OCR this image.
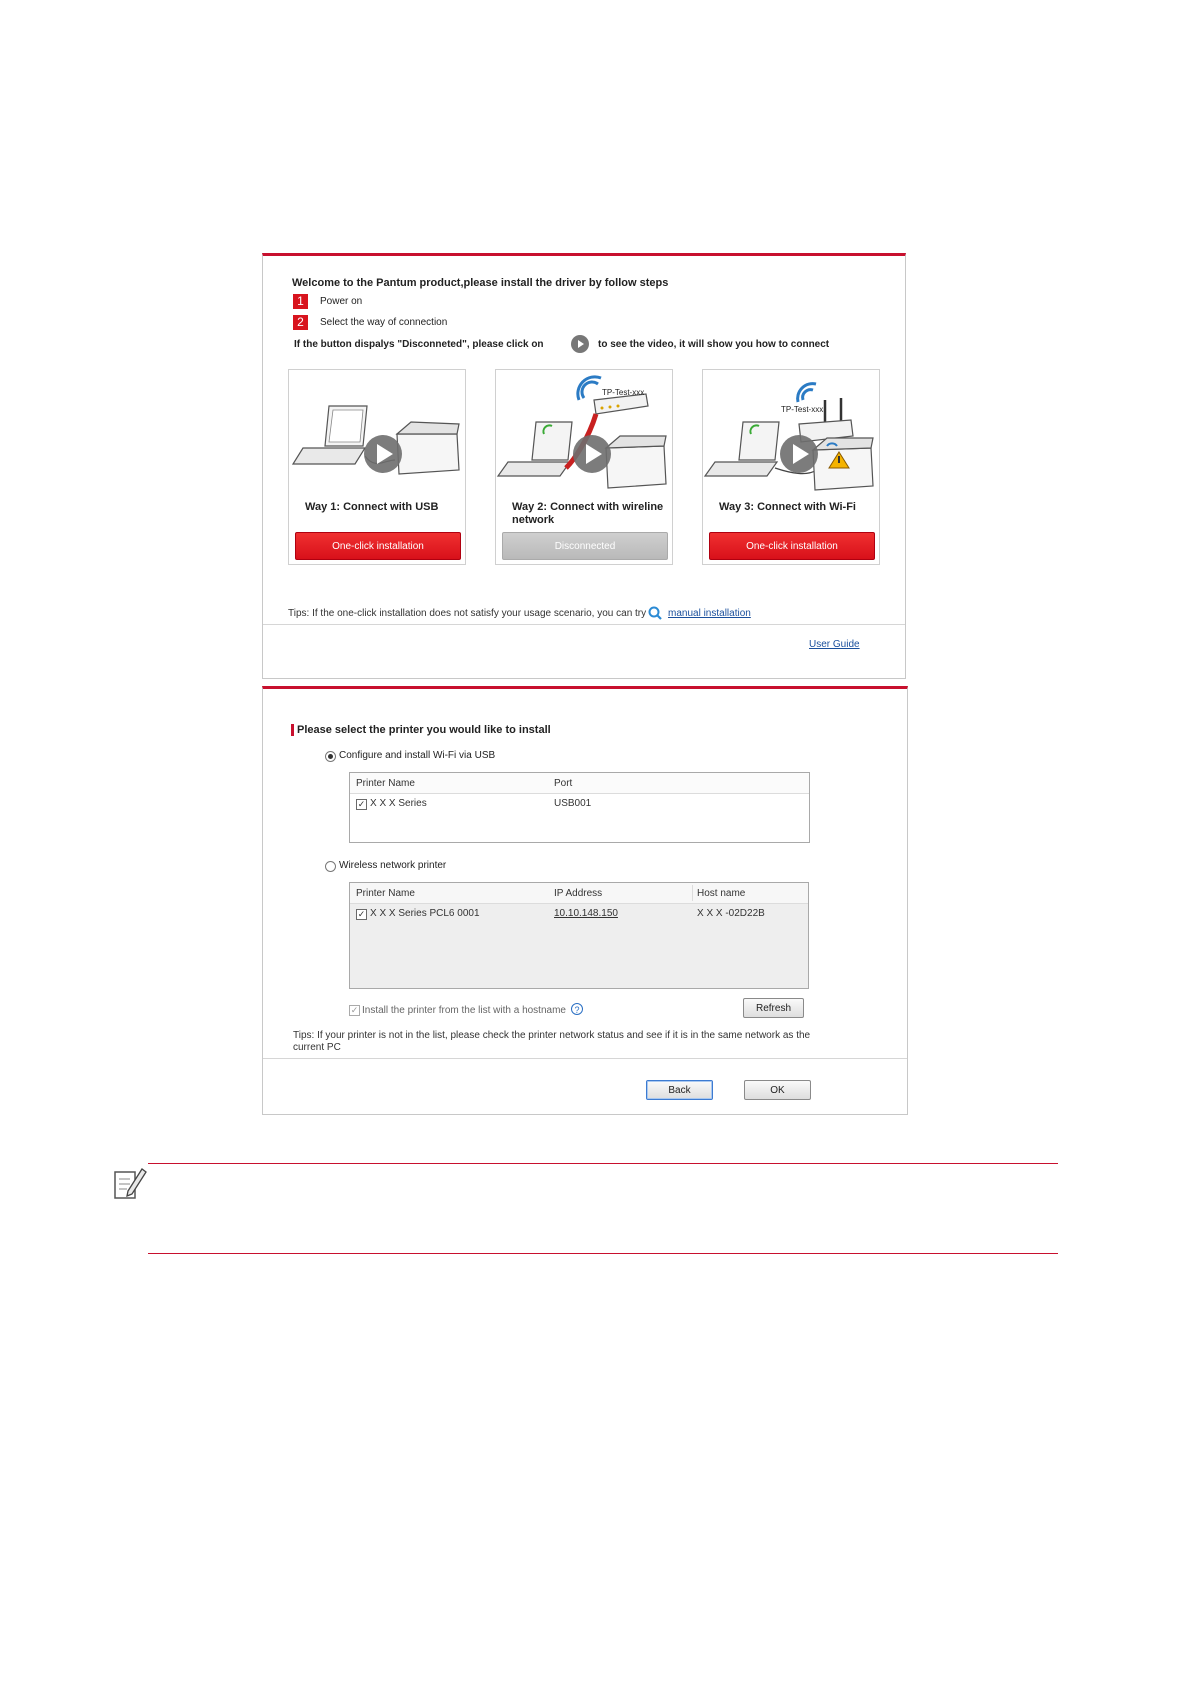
Welcome to the Pantum product,please install the driver by follow steps
1	Power on
2	Select the way of connection
If the button dispalys "Disconneted", please click on	to see the video, it will show you how to connect
Way 1: Connect with USB
One-click installation
TP-Test-xxx
Way 2: Connect with wireline network
Disconnected
TP-Test-xxx
Way 3: Connect with Wi-Fi
One-click installation
Tips: If the one-click installation does not satisfy your usage scenario, you can try manual installation
User Guide
Please select the printer you would like to install
Configure and install Wi-Fi via USB
Printer Name	Port
✓ X X X Series	USB001
Wireless network printer
Printer Name	IP Address	Host name
✓ X X X Series PCL6 0001	10.10.148.150	X X X -02D22B
✓ Install the printer from the list with a hostname ?	Refresh
Tips: If your printer is not in the list, please check the printer network status and see if it is in the same network as the current PC
Back	OK
